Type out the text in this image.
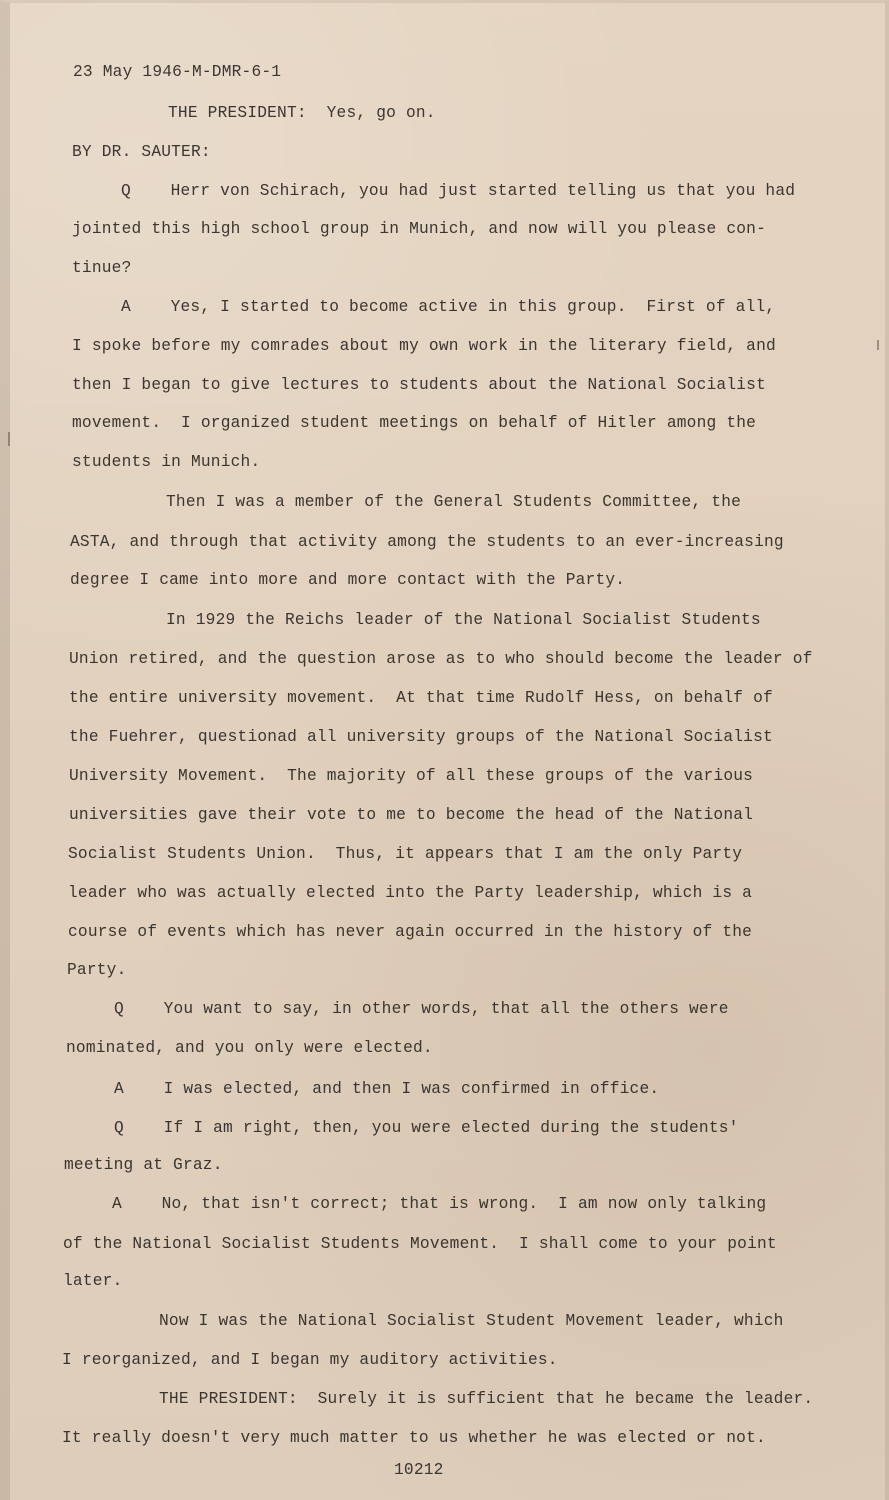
23 May 1946-M-DMR-6-1
THE PRESIDENT:  Yes, go on.
BY DR. SAUTER:
Q    Herr von Schirach, you had just started telling us that you had
jointed this high school group in Munich, and now will you please con-
tinue?
A    Yes, I started to become active in this group.  First of all,
I spoke before my comrades about my own work in the literary field, and
then I began to give lectures to students about the National Socialist
movement.  I organized student meetings on behalf of Hitler among the
students in Munich.
Then I was a member of the General Students Committee, the
ASTA, and through that activity among the students to an ever-increasing
degree I came into more and more contact with the Party.
In 1929 the Reichs leader of the National Socialist Students
Union retired, and the question arose as to who should become the leader of
the entire university movement.  At that time Rudolf Hess, on behalf of
the Fuehrer, questionad all university groups of the National Socialist
University Movement.  The majority of all these groups of the various
universities gave their vote to me to become the head of the National
Socialist Students Union.  Thus, it appears that I am the only Party
leader who was actually elected into the Party leadership, which is a
course of events which has never again occurred in the history of the
Party.
Q    You want to say, in other words, that all the others were
nominated, and you only were elected.
A    I was elected, and then I was confirmed in office.
Q    If I am right, then, you were elected during the students'
meeting at Graz.
A    No, that isn't correct; that is wrong.  I am now only talking
of the National Socialist Students Movement.  I shall come to your point
later.
Now I was the National Socialist Student Movement leader, which
I reorganized, and I began my auditory activities.
THE PRESIDENT:  Surely it is sufficient that he became the leader.
It really doesn't very much matter to us whether he was elected or not.
10212
